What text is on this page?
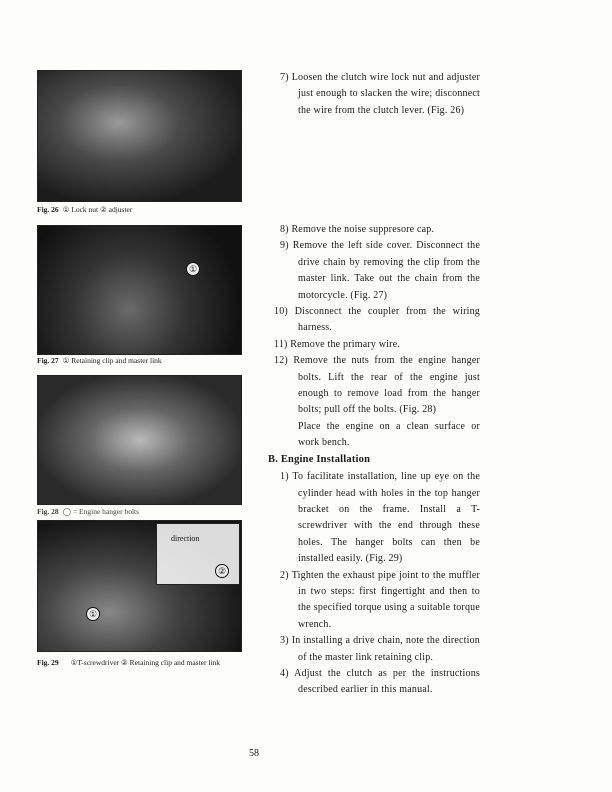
Fig. 26 ① Lock nut ② adjuster
①
Fig. 27 ① Retaining clip and master link
Fig. 28 ◯ = Engine hanger bolts
direction
②
①
Fig. 29 ①T-screwdriver ② Retaining clip and master link
7) Loosen the clutch wire lock nut and adjuster just enough to slacken the wire; disconnect the wire from the clutch lever. (Fig. 26)
8) Remove the noise suppresore cap.
9) Remove the left side cover. Disconnect the drive chain by removing the clip from the master link. Take out the chain from the motorcycle. (Fig. 27)
10) Disconnect the coupler from the wiring harness.
11) Remove the primary wire.
12) Remove the nuts from the engine hanger bolts. Lift the rear of the engine just enough to remove load from the hanger bolts; pull off the bolts. (Fig. 28)
Place the engine on a clean surface or work bench.
B. Engine Installation
1) To facilitate installation, line up eye on the cylinder head with holes in the top hanger bracket on the frame. Install a T-screwdriver with the end through these holes. The hanger bolts can then be installed easily. (Fig. 29)
2) Tighten the exhaust pipe joint to the muffler in two steps: first fingertight and then to the specified torque using a suitable torque wrench.
3) In installing a drive chain, note the direction of the master link retaining clip.
4) Adjust the clutch as per the instructions described earlier in this manual.
58
